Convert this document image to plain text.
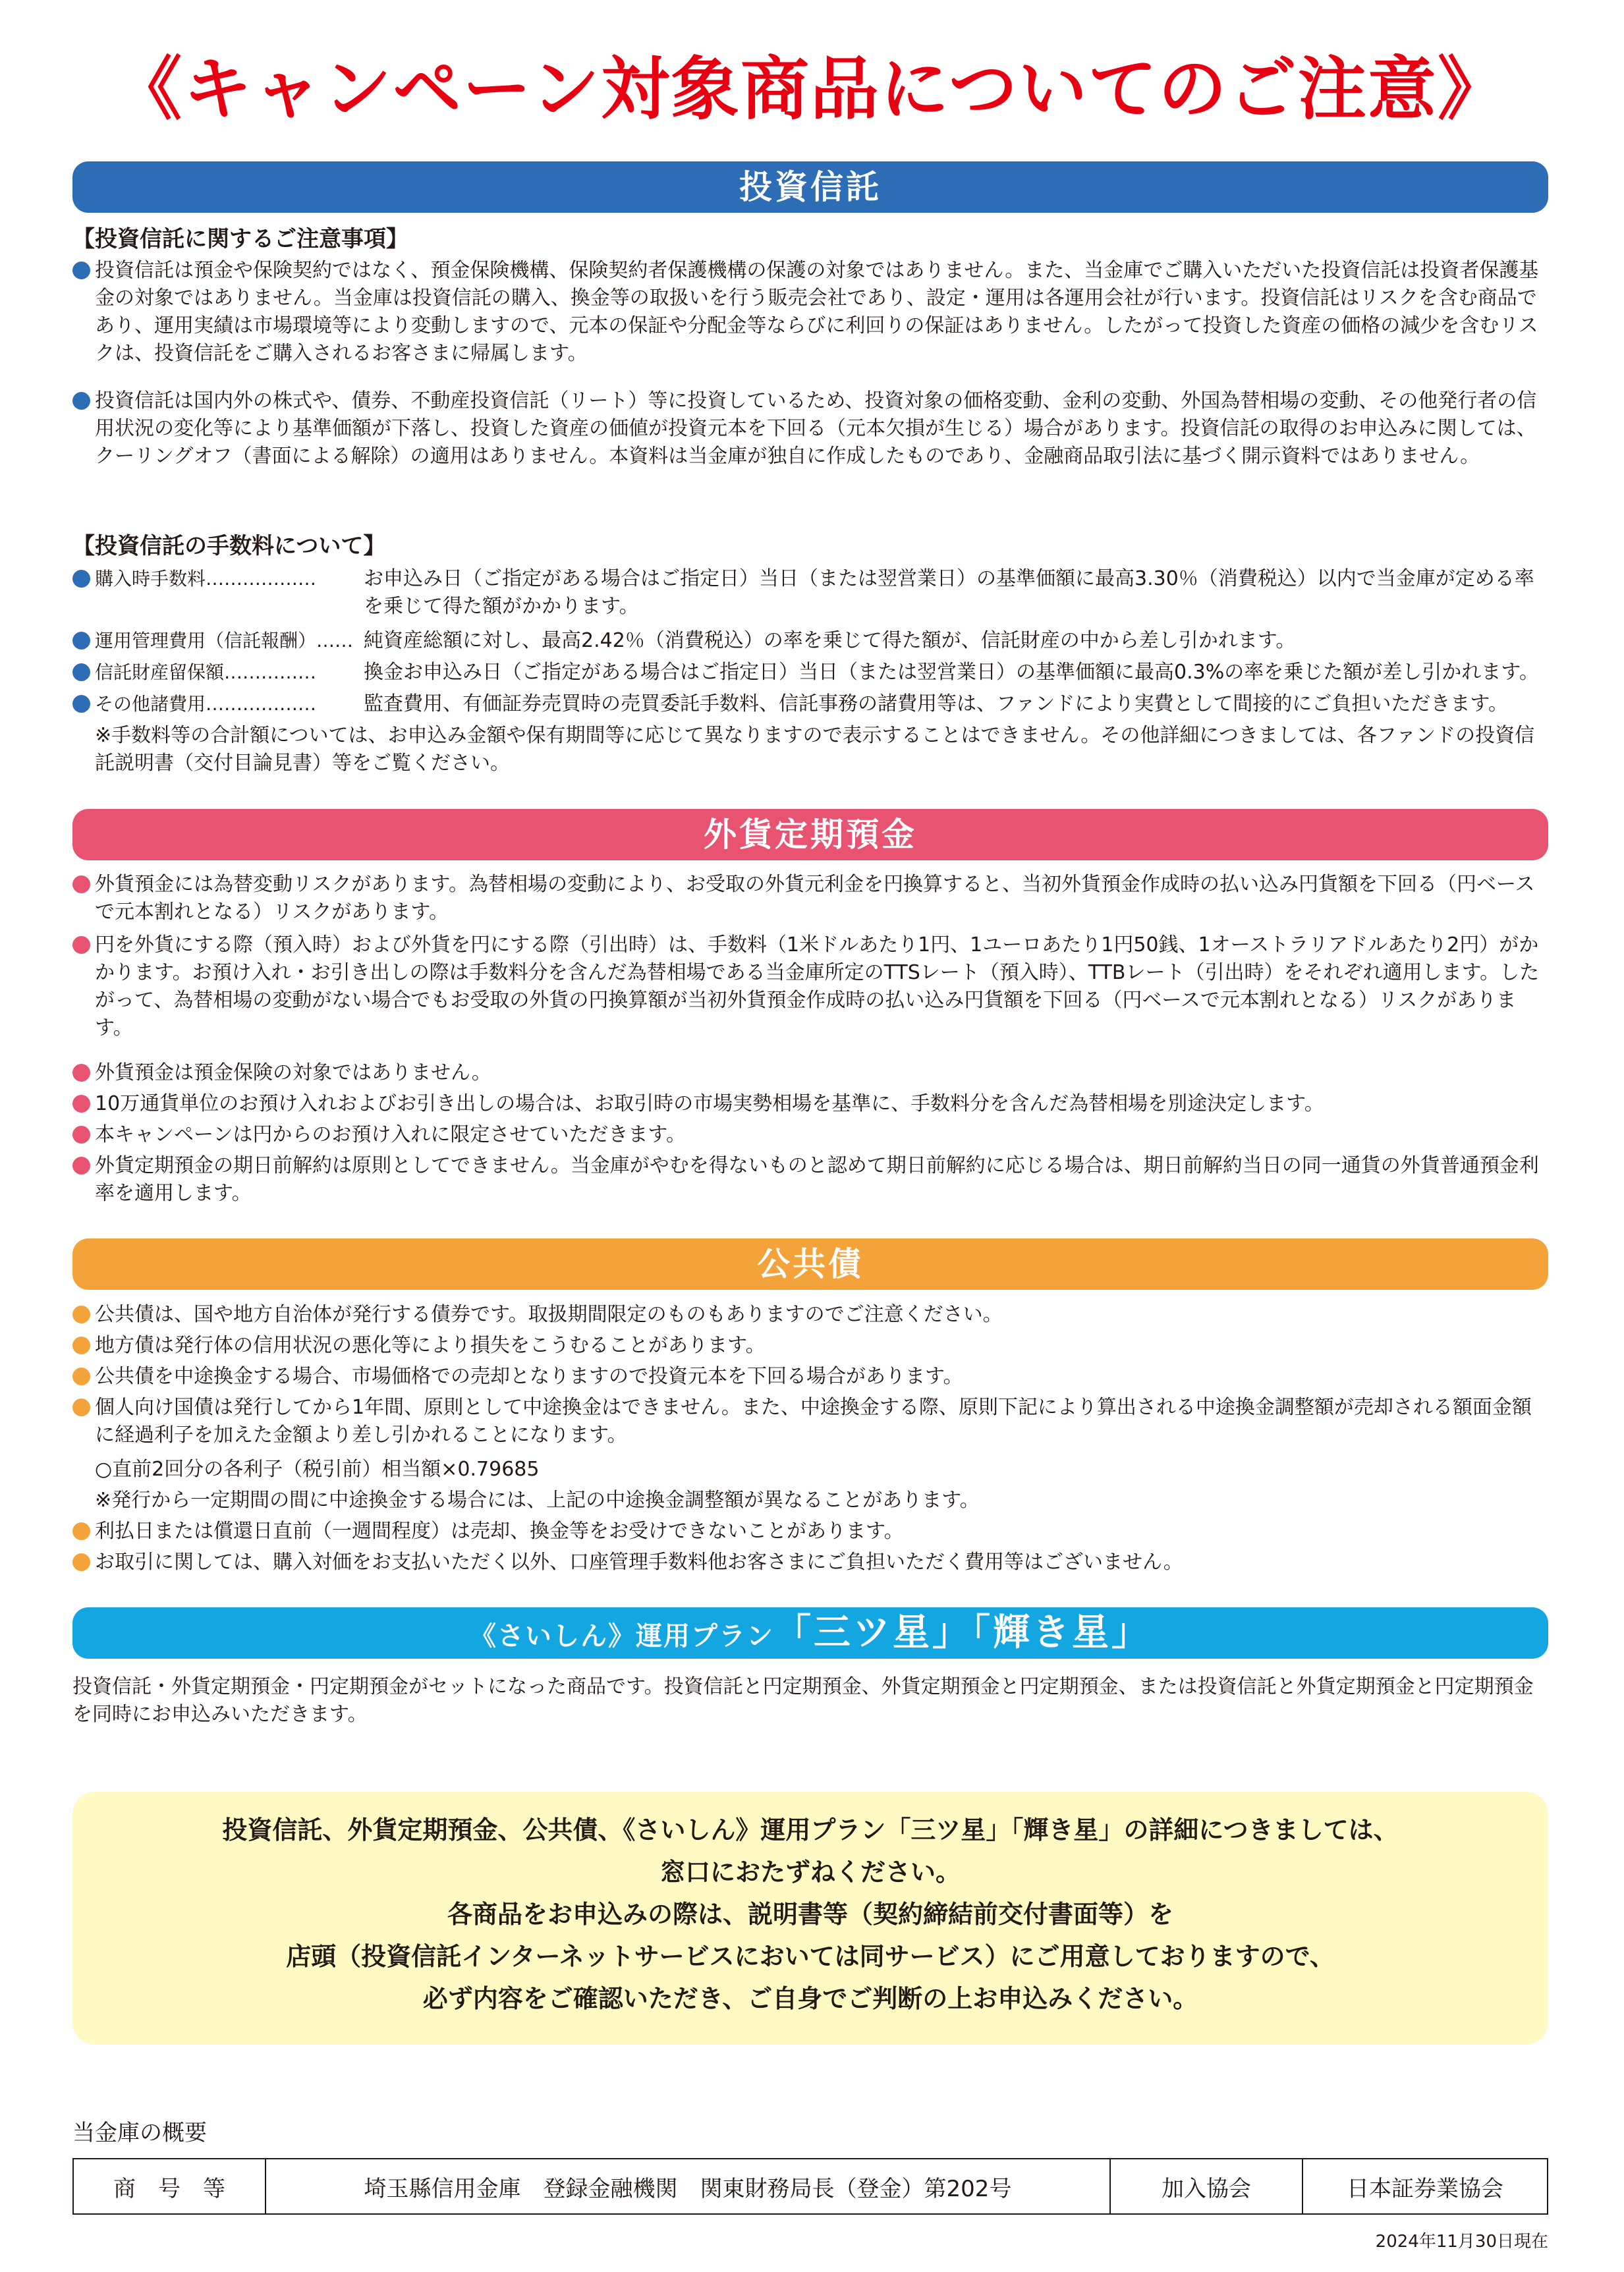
《キャンペーン対象商品についてのご注意》
投資信託
【投資信託に関するご注意事項】
投資信託は預金や保険契約ではなく、預金保険機構、保険契約者保護機構の保護の対象ではありません。また、当金庫でご購入いただいた投資信託は投資者保護基金の対象ではありません。当金庫は投資信託の購入、換金等の取扱いを行う販売会社であり、設定・運用は各運用会社が行います。投資信託はリスクを含む商品であり、運用実績は市場環境等により変動しますので、元本の保証や分配金等ならびに利回りの保証はありません。したがって投資した資産の価格の減少を含むリスクは、投資信託をご購入されるお客さまに帰属します。
投資信託は国内外の株式や、債券、不動産投資信託（リート）等に投資しているため、投資対象の価格変動、金利の変動、外国為替相場の変動、その他発行者の信用状況の変化等により基準価額が下落し、投資した資産の価値が投資元本を下回る（元本欠損が生じる）場合があります。投資信託の取得のお申込みに関しては、クーリングオフ（書面による解除）の適用はありません。本資料は当金庫が独自に作成したものであり、金融商品取引法に基づく開示資料ではありません。
【投資信託の手数料について】
購入時手数料……………… お申込み日（ご指定がある場合はご指定日）当日（または翌営業日）の基準価額に最高3.30％（消費税込）以内で当金庫が定める率を乗じて得た額がかかります。
運用管理費用（信託報酬）…… 純資産総額に対し、最高2.42％（消費税込）の率を乗じて得た額が、信託財産の中から差し引かれます。
信託財産留保額…………… 換金お申込み日（ご指定がある場合はご指定日）当日（または翌営業日）の基準価額に最高0.3%の率を乗じた額が差し引かれます。
その他諸費用……………… 監査費用、有価証券売買時の売買委託手数料、信託事務の諸費用等は、ファンドにより実費として間接的にご負担いただきます。
※手数料等の合計額については、お申込み金額や保有期間等に応じて異なりますので表示することはできません。その他詳細につきましては、各ファンドの投資信託説明書（交付目論見書）等をご覧ください。
外貨定期預金
外貨預金には為替変動リスクがあります。為替相場の変動により、お受取の外貨元利金を円換算すると、当初外貨預金作成時の払い込み円貨額を下回る（円ベースで元本割れとなる）リスクがあります。
円を外貨にする際（預入時）および外貨を円にする際（引出時）は、手数料（1米ドルあたり1円、1ユーロあたり1円50銭、1オーストラリアドルあたり2円）がかかります。お預け入れ・お引き出しの際は手数料分を含んだ為替相場である当金庫所定のTTSレート（預入時）、TTBレート（引出時）をそれぞれ適用します。したがって、為替相場の変動がない場合でもお受取の外貨の円換算額が当初外貨預金作成時の払い込み円貨額を下回る（円ベースで元本割れとなる）リスクがあります。
外貨預金は預金保険の対象ではありません。
10万通貨単位のお預け入れおよびお引き出しの場合は、お取引時の市場実勢相場を基準に、手数料分を含んだ為替相場を別途決定します。
本キャンペーンは円からのお預け入れに限定させていただきます。
外貨定期預金の期日前解約は原則としてできません。当金庫がやむを得ないものと認めて期日前解約に応じる場合は、期日前解約当日の同一通貨の外貨普通預金利率を適用します。
公共債
公共債は、国や地方自治体が発行する債券です。取扱期間限定のものもありますのでご注意ください。
地方債は発行体の信用状況の悪化等により損失をこうむることがあります。
公共債を中途換金する場合、市場価格での売却となりますので投資元本を下回る場合があります。
個人向け国債は発行してから1年間、原則として中途換金はできません。また、中途換金する際、原則下記により算出される中途換金調整額が売却される額面金額に経過利子を加えた金額より差し引かれることになります。
○直前2回分の各利子（税引前）相当額×0.79685
※発行から一定期間の間に中途換金する場合には、上記の中途換金調整額が異なることがあります。
利払日または償還日直前（一週間程度）は売却、換金等をお受けできないことがあります。
お取引に関しては、購入対価をお支払いただく以外、口座管理手数料他お客さまにご負担いただく費用等はございません。
《さいしん》運用プラン「三ツ星」「輝き星」
投資信託・外貨定期預金・円定期預金がセットになった商品です。投資信託と円定期預金、外貨定期預金と円定期預金、または投資信託と外貨定期預金と円定期預金を同時にお申込みいただきます。
投資信託、外貨定期預金、公共債、《さいしん》運用プラン「三ツ星」「輝き星」の詳細につきましては、
窓口におたずねください。
各商品をお申込みの際は、説明書等（契約締結前交付書面等）を
店頭（投資信託インターネットサービスにおいては同サービス）にご用意しておりますので、
必ず内容をご確認いただき、ご自身でご判断の上お申込みください。
当金庫の概要
商　号　等	埼玉縣信用金庫　登録金融機関　関東財務局長（登金）第202号	加入協会	日本証券業協会
2024年11月30日現在
